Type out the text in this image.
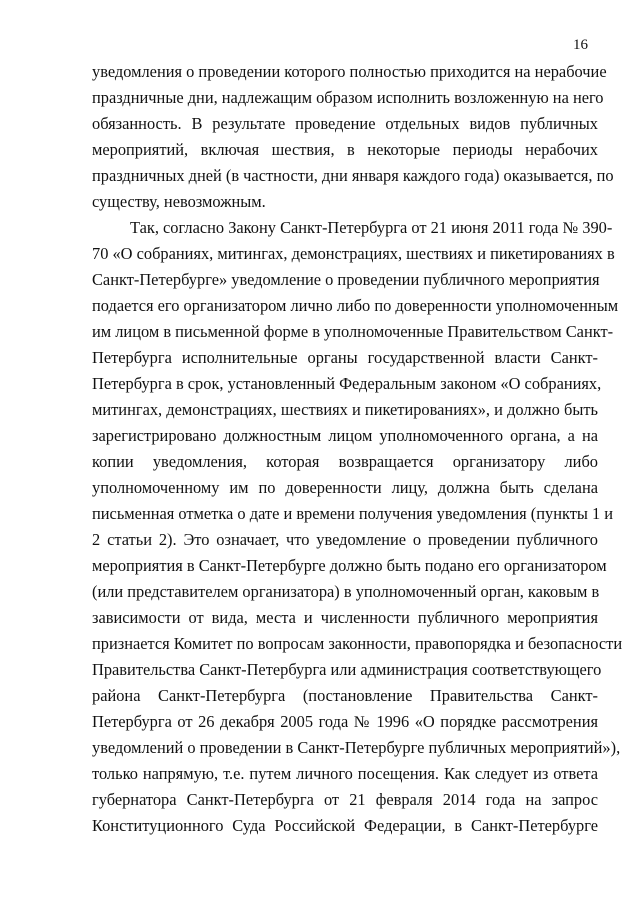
16
уведомления о проведении которого полностью приходится на нерабочие
праздничные дни, надлежащим образом исполнить возложенную на него
обязанность. В результате проведение отдельных видов публичных
мероприятий, включая шествия, в некоторые периоды нерабочих
праздничных дней (в частности, дни января каждого года) оказывается, по
существу, невозможным.
Так, согласно Закону Санкт-Петербурга от 21 июня 2011 года № 390-
70 «О собраниях, митингах, демонстрациях, шествиях и пикетированиях в
Санкт-Петербурге» уведомление о проведении публичного мероприятия
подается его организатором лично либо по доверенности уполномоченным
им лицом в письменной форме в уполномоченные Правительством Санкт-
Петербурга исполнительные органы государственной власти Санкт-
Петербурга в срок, установленный Федеральным законом «О собраниях,
митингах, демонстрациях, шествиях и пикетированиях», и должно быть
зарегистрировано должностным лицом уполномоченного органа, а на
копии уведомления, которая возвращается организатору либо
уполномоченному им по доверенности лицу, должна быть сделана
письменная отметка о дате и времени получения уведомления (пункты 1 и
2 статьи 2). Это означает, что уведомление о проведении публичного
мероприятия в Санкт-Петербурге должно быть подано его организатором
(или представителем организатора) в уполномоченный орган, каковым в
зависимости от вида, места и численности публичного мероприятия
признается Комитет по вопросам законности, правопорядка и безопасности
Правительства Санкт-Петербурга или администрация соответствующего
района Санкт-Петербурга (постановление Правительства Санкт-
Петербурга от 26 декабря 2005 года № 1996 «О порядке рассмотрения
уведомлений о проведении в Санкт-Петербурге публичных мероприятий»),
только напрямую, т.е. путем личного посещения. Как следует из ответа
губернатора Санкт-Петербурга от 21 февраля 2014 года на запрос
Конституционного Суда Российской Федерации, в Санкт-Петербурге
